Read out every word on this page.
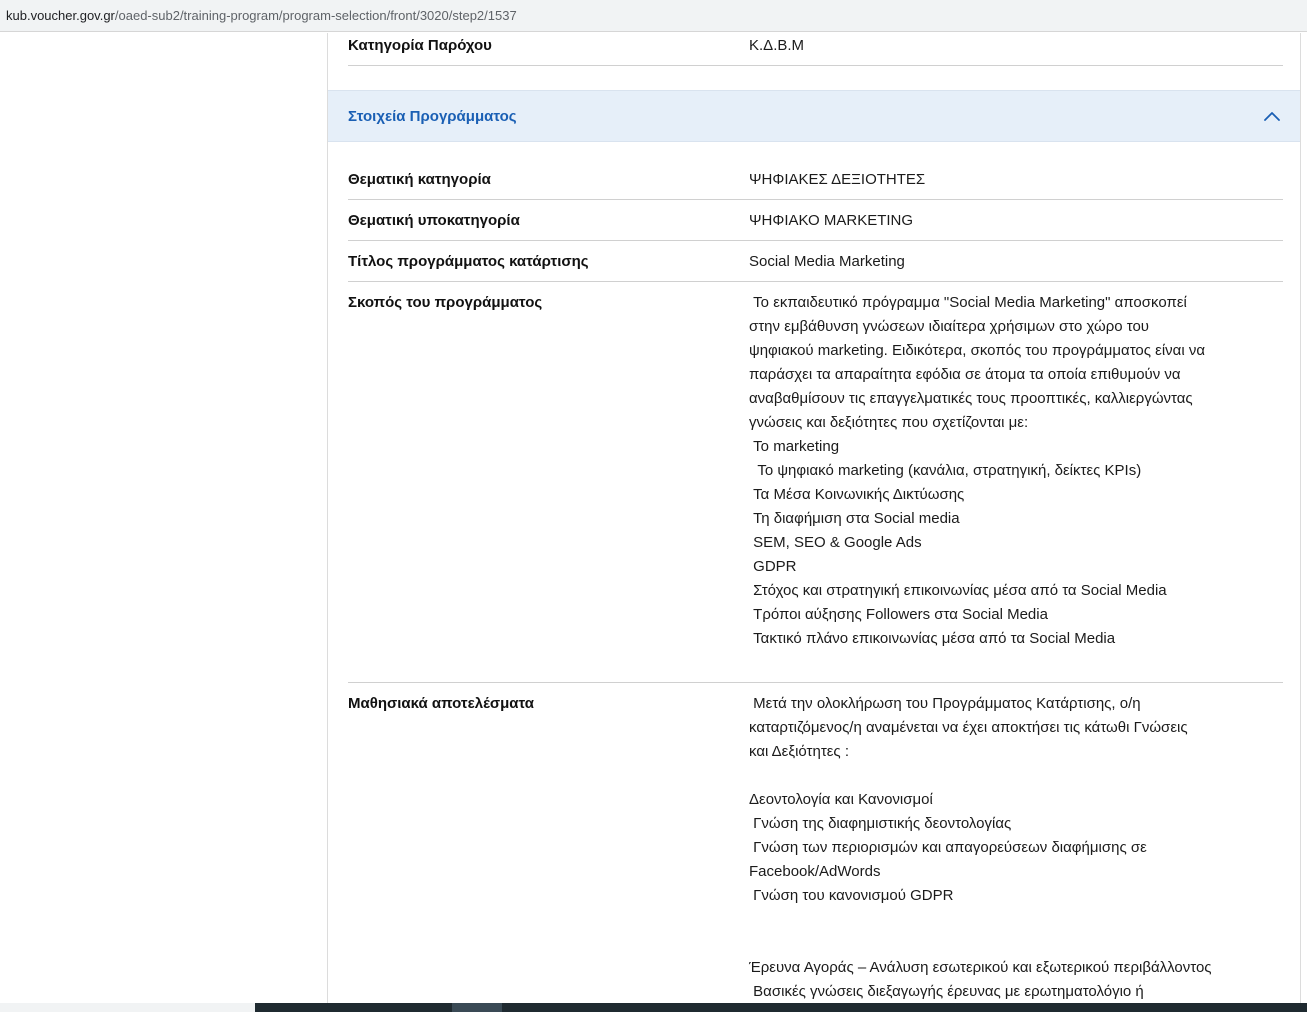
kub.voucher.gov.gr/oaed-sub2/training-program/program-selection/front/3020/step2/1537
Κατηγορία Παρόχου	Κ.Δ.Β.Μ
Στοιχεία Προγράμματος
Θεματική κατηγορία	ΨΗΦΙΑΚΕΣ ΔΕΞΙΟΤΗΤΕΣ
Θεματική υποκατηγορία	ΨΗΦΙΑΚΟ MARKETING
Τίτλος προγράμματος κατάρτισης	Social Media Marketing
Σκοπός του προγράμματος	Το εκπαιδευτικό πρόγραμμα "Social Media Marketing" αποσκοπεί
στην εμβάθυνση γνώσεων ιδιαίτερα χρήσιμων στο χώρο του
ψηφιακού marketing. Ειδικότερα, σκοπός του προγράμματος είναι να
παράσχει τα απαραίτητα εφόδια σε άτομα τα οποία επιθυμούν να
αναβαθμίσουν τις επαγγελματικές τους προοπτικές, καλλιεργώντας
γνώσεις και δεξιότητες που σχετίζονται με:
Το marketing
Το ψηφιακό marketing (κανάλια, στρατηγική, δείκτες KPIs)
Τα Μέσα Κοινωνικής Δικτύωσης
Τη διαφήμιση στα Social media
SEM, SEO & Google Ads
GDPR
Στόχος και στρατηγική επικοινωνίας μέσα από τα Social Media
Τρόποι αύξησης Followers στα Social Media
Τακτικό πλάνο επικοινωνίας μέσα από τα Social Media
Μαθησιακά αποτελέσματα	Μετά την ολοκλήρωση του Προγράμματος Κατάρτισης, ο/η
καταρτιζόμενος/η αναμένεται να έχει αποκτήσει τις κάτωθι Γνώσεις
και Δεξιότητες :

Δεοντολογία και Κανονισμοί
Γνώση της διαφημιστικής δεοντολογίας
Γνώση των περιορισμών και απαγορεύσεων διαφήμισης σε
Facebook/AdWords
Γνώση του κανονισμού GDPR

Έρευνα Αγοράς – Ανάλυση εσωτερικού και εξωτερικού περιβάλλοντος
Βασικές γνώσεις διεξαγωγής έρευνας με ερωτηματολόγιο ή
